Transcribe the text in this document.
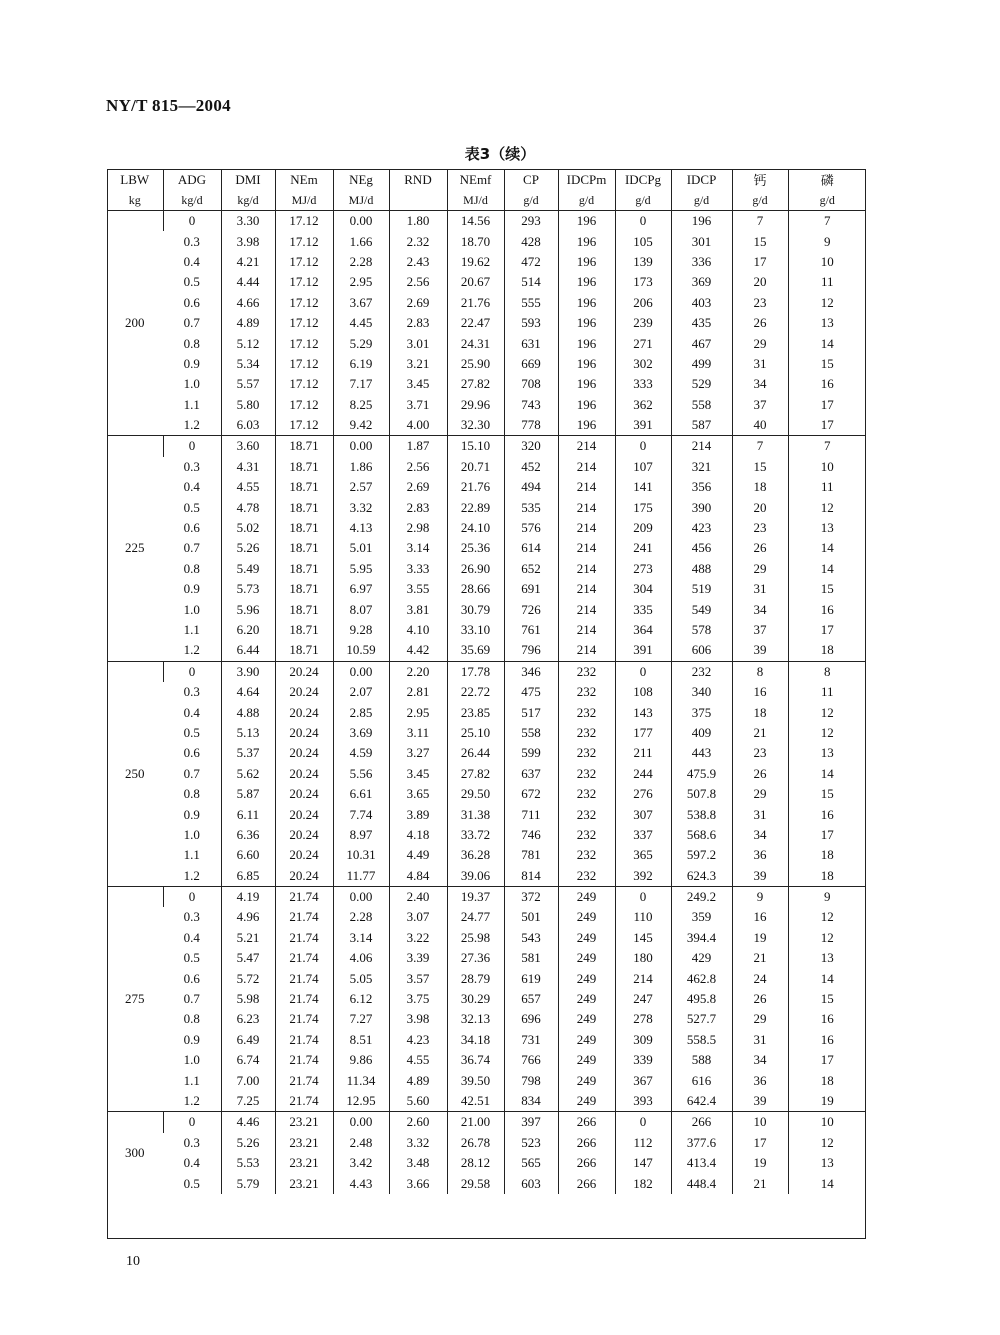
NY/T 815—2004
表3（续）
LBW	ADG	DMI	NEm	NEg	RND	NEmf	CP	IDCPm	IDCPg	IDCP	钙	磷
kg	kg/d	kg/d	MJ/d	MJ/d		MJ/d	g/d	g/d	g/d	g/d	g/d	g/d
200	0	3.30	17.12	0.00	1.80	14.56	293	196	0	196	7	7
	0.3	3.98	17.12	1.66	2.32	18.70	428	196	105	301	15	9
	0.4	4.21	17.12	2.28	2.43	19.62	472	196	139	336	17	10
	0.5	4.44	17.12	2.95	2.56	20.67	514	196	173	369	20	11
	0.6	4.66	17.12	3.67	2.69	21.76	555	196	206	403	23	12
	0.7	4.89	17.12	4.45	2.83	22.47	593	196	239	435	26	13
	0.8	5.12	17.12	5.29	3.01	24.31	631	196	271	467	29	14
	0.9	5.34	17.12	6.19	3.21	25.90	669	196	302	499	31	15
	1.0	5.57	17.12	7.17	3.45	27.82	708	196	333	529	34	16
	1.1	5.80	17.12	8.25	3.71	29.96	743	196	362	558	37	17
	1.2	6.03	17.12	9.42	4.00	32.30	778	196	391	587	40	17
225	0	3.60	18.71	0.00	1.87	15.10	320	214	0	214	7	7
	0.3	4.31	18.71	1.86	2.56	20.71	452	214	107	321	15	10
	0.4	4.55	18.71	2.57	2.69	21.76	494	214	141	356	18	11
	0.5	4.78	18.71	3.32	2.83	22.89	535	214	175	390	20	12
	0.6	5.02	18.71	4.13	2.98	24.10	576	214	209	423	23	13
	0.7	5.26	18.71	5.01	3.14	25.36	614	214	241	456	26	14
	0.8	5.49	18.71	5.95	3.33	26.90	652	214	273	488	29	14
	0.9	5.73	18.71	6.97	3.55	28.66	691	214	304	519	31	15
	1.0	5.96	18.71	8.07	3.81	30.79	726	214	335	549	34	16
	1.1	6.20	18.71	9.28	4.10	33.10	761	214	364	578	37	17
	1.2	6.44	18.71	10.59	4.42	35.69	796	214	391	606	39	18
250	0	3.90	20.24	0.00	2.20	17.78	346	232	0	232	8	8
	0.3	4.64	20.24	2.07	2.81	22.72	475	232	108	340	16	11
	0.4	4.88	20.24	2.85	2.95	23.85	517	232	143	375	18	12
	0.5	5.13	20.24	3.69	3.11	25.10	558	232	177	409	21	12
	0.6	5.37	20.24	4.59	3.27	26.44	599	232	211	443	23	13
	0.7	5.62	20.24	5.56	3.45	27.82	637	232	244	475.9	26	14
	0.8	5.87	20.24	6.61	3.65	29.50	672	232	276	507.8	29	15
	0.9	6.11	20.24	7.74	3.89	31.38	711	232	307	538.8	31	16
	1.0	6.36	20.24	8.97	4.18	33.72	746	232	337	568.6	34	17
	1.1	6.60	20.24	10.31	4.49	36.28	781	232	365	597.2	36	18
	1.2	6.85	20.24	11.77	4.84	39.06	814	232	392	624.3	39	18
275	0	4.19	21.74	0.00	2.40	19.37	372	249	0	249.2	9	9
	0.3	4.96	21.74	2.28	3.07	24.77	501	249	110	359	16	12
	0.4	5.21	21.74	3.14	3.22	25.98	543	249	145	394.4	19	12
	0.5	5.47	21.74	4.06	3.39	27.36	581	249	180	429	21	13
	0.6	5.72	21.74	5.05	3.57	28.79	619	249	214	462.8	24	14
	0.7	5.98	21.74	6.12	3.75	30.29	657	249	247	495.8	26	15
	0.8	6.23	21.74	7.27	3.98	32.13	696	249	278	527.7	29	16
	0.9	6.49	21.74	8.51	4.23	34.18	731	249	309	558.5	31	16
	1.0	6.74	21.74	9.86	4.55	36.74	766	249	339	588	34	17
	1.1	7.00	21.74	11.34	4.89	39.50	798	249	367	616	36	18
	1.2	7.25	21.74	12.95	5.60	42.51	834	249	393	642.4	39	19
300	0	4.46	23.21	0.00	2.60	21.00	397	266	0	266	10	10
	0.3	5.26	23.21	2.48	3.32	26.78	523	266	112	377.6	17	12
	0.4	5.53	23.21	3.42	3.48	28.12	565	266	147	413.4	19	13
	0.5	5.79	23.21	4.43	3.66	29.58	603	266	182	448.4	21	14
10
